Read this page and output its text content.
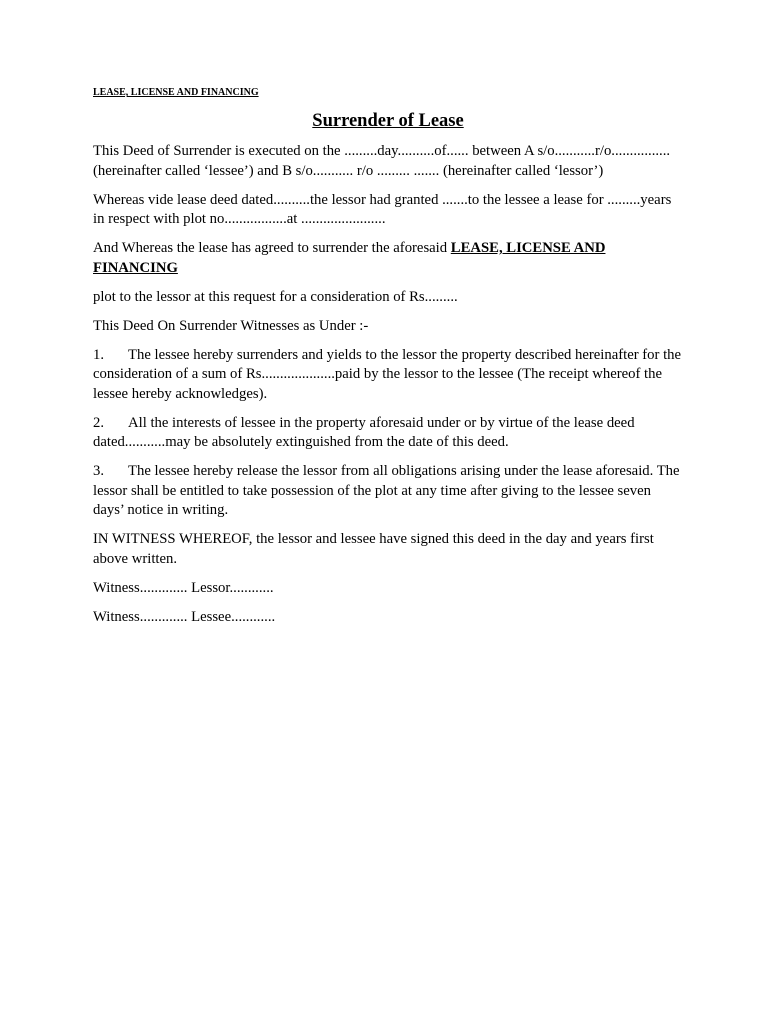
LEASE, LICENSE AND FINANCING
Surrender of Lease

This Deed of Surrender is executed on the .........day..........of...... between A s/o...........r/o................(hereinafter called ‘lessee’) and B s/o........... r/o ......... ....... (hereinafter called ‘lessor’)

Whereas vide lease deed dated..........the lessor had granted .......to the lessee a lease for .........years in respect with plot no.................at .......................

And Whereas the lease has agreed to surrender the aforesaid LEASE, LICENSE AND FINANCING

plot to the lessor at this request for a consideration of Rs.........

This Deed On Surrender Witnesses as Under :-

1. The lessee hereby surrenders and yields to the lessor the property described hereinafter for the consideration of a sum of Rs....................paid by the lessor to the lessee (The receipt whereof the lessee hereby acknowledges).

2. All the interests of lessee in the property aforesaid under or by virtue of the lease deed dated...........may be absolutely extinguished from the date of this deed.

3. The lessee hereby release the lessor from all obligations arising under the lease aforesaid. The lessor shall be entitled to take possession of the plot at any time after giving to the lessee seven days’ notice in writing.

IN WITNESS WHEREOF, the lessor and lessee have signed this deed in the day and years first above written.

Witness............. Lessor............

Witness............. Lessee............
